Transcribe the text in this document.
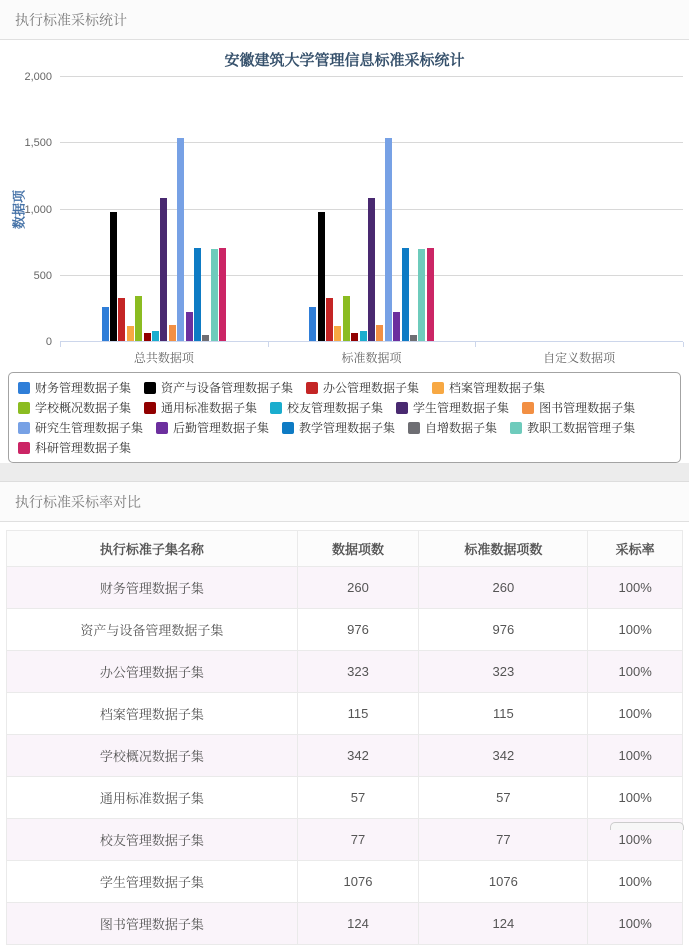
执行标准采标统计
安徽建筑大学管理信息标准采标统计
数据项
0
500
1,000
1,500
2,000
总共数据项	标准数据项	自定义数据项
财务管理数据子集	资产与设备管理数据子集	办公管理数据子集	档案管理数据子集
学校概况数据子集	通用标准数据子集	校友管理数据子集	学生管理数据子集	图书管理数据子集
研究生管理数据子集	后勤管理数据子集	教学管理数据子集	自增数据子集	教职工数据管理子集
科研管理数据子集
执行标准采标率对比
执行标准子集名称	数据项数	标准数据项数	采标率
财务管理数据子集	260	260	100%
资产与设备管理数据子集	976	976	100%
办公管理数据子集	323	323	100%
档案管理数据子集	115	115	100%
学校概况数据子集	342	342	100%
通用标准数据子集	57	57	100%
校友管理数据子集	77	77	100%
学生管理数据子集	1076	1076	100%
图书管理数据子集	124	124	100%
